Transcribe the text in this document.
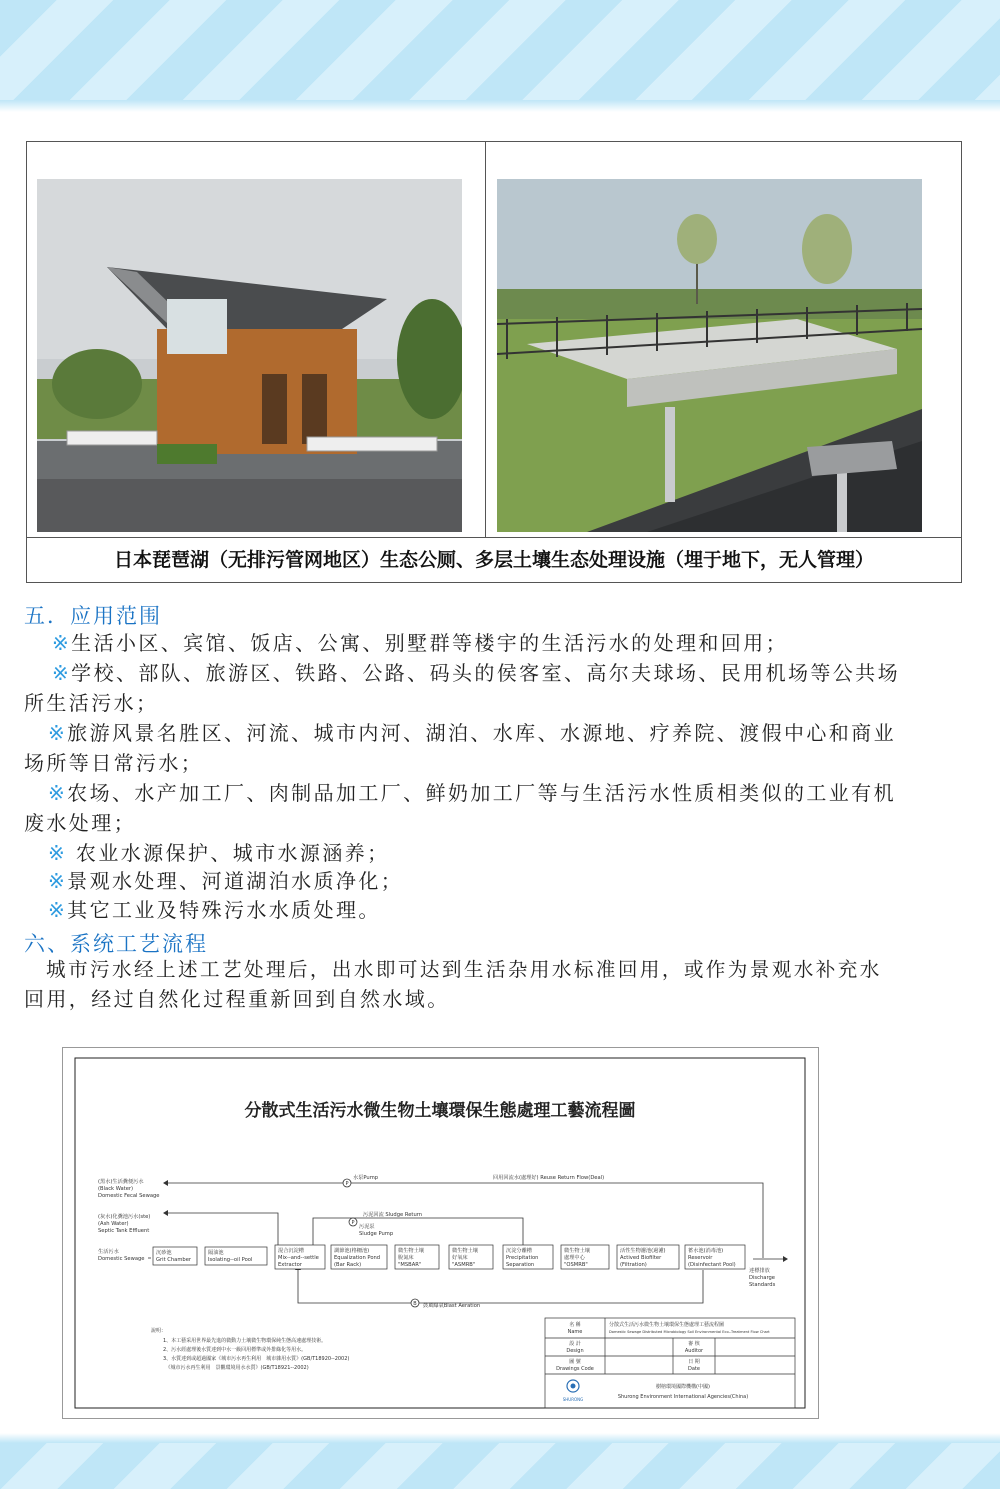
日本琵琶湖（无排污管网地区）生态公厕、多层土壤生态处理设施（埋于地下，无人管理）
五．应用范围
※生活小区、宾馆、饭店、公寓、别墅群等楼宇的生活污水的处理和回用；
※学校、部队、旅游区、铁路、公路、码头的侯客室、高尔夫球场、民用机场等公共场
所生活污水；
※旅游风景名胜区、河流、城市内河、湖泊、水库、水源地、疗养院、渡假中心和商业
场所等日常污水；
※农场、水产加工厂、肉制品加工厂、鲜奶加工厂等与生活污水性质相类似的工业有机
废水处理；
※ 农业水源保护、城市水源涵养；
※景观水处理、河道湖泊水质净化；
※其它工业及特殊污水水质处理。
六、系统工艺流程
城市污水经上述工艺处理后，出水即可达到生活杂用水标准回用，或作为景观水补充水
回用，经过自然化过程重新回到自然水域。
分散式生活污水微生物土壤環保生態處理工藝流程圖
(黑水)生活糞便污水
(Black Water)
Domestic Fecal Sewage
(灰水)化糞池污水(ste)
(Ash Water)
Septic Tank Effluent
生活污水
Domestic Sewage
P
P
B
水泵Pump	回用回流水(處理好) Reuse Return Flow(Deal)
污泥回流 Sludge Return
污泥泵
Sludge Pump
鼓風曝氣Blast Aeration
達標排放
Discharge
Standards
沉砂池
Grit Chamber
隔油池
Isolating--oil Pool
混合沉淀槽
Mix--and--settle
Extractor
調節池(格柵池)
Equalization Pond
(Bar Rack)
微生物土壤
脫氮床
"MSBAR"
微生物土壤
好氧床
"ASMRB"
沉淀分離槽
Precipitation
Separation
微生物土壤
處理中心
"OSMRB"
活性生物濾池(過濾)
Actived Biofilter
(Filtration)
蓄水池(消毒池)
Reservoir
(Disinfectant Pool)
說明：
1、本工藝采用世界最先進的微動力土壤微生物環保純生態高速處理技術。
2、污水經處理後水質達到中水一級回用標準或外排綠化等用水。
3、水質達到或超過國家《城市污水再生利用　城市雜用水質》(GB/T18920--2002)
　《城市污水再生利用　景觀環境用水水質》(GB/T18921--2002)
名 稱
Name
分散式生活污水微生物土壤環保生態處理工藝流程圖
Domestic Sewage Distributed Microbiology Soil Environmental Eco--Treatment Flow Chart
設 計
Design
審 核
Auditor
圖 號
Drawings Code
日 期
Date
樹榕環境國際機構(中國)
Shurong Environment International Agencies(China)
SHURONG
